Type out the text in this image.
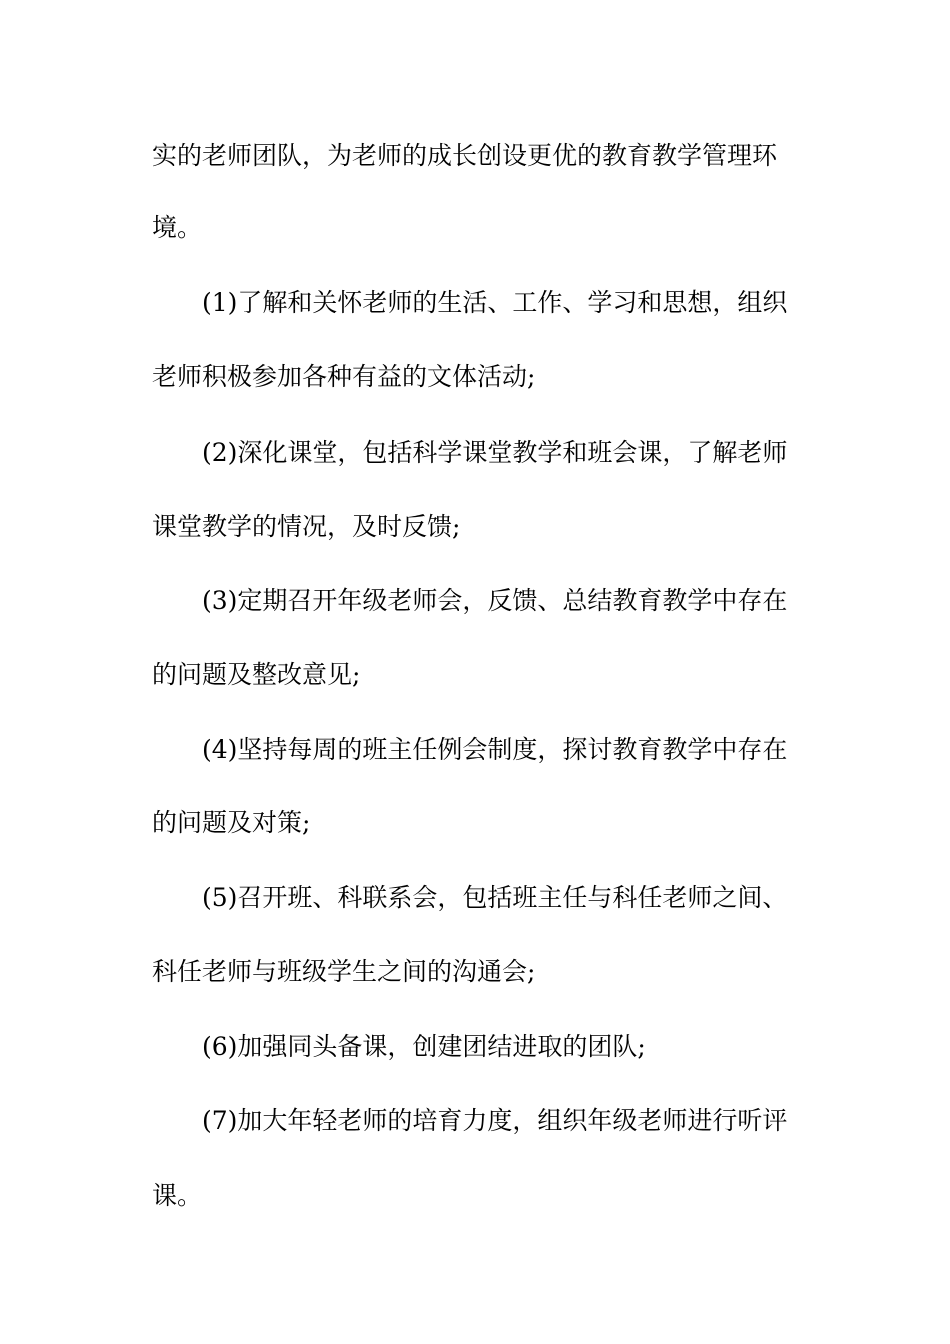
实的老师团队，为老师的成长创设更优的教育教学管理环
境。
(1)了解和关怀老师的生活、工作、学习和思想，组织
老师积极参加各种有益的文体活动;
(2)深化课堂，包括科学课堂教学和班会课，了解老师
课堂教学的情况，及时反馈;
(3)定期召开年级老师会，反馈、总结教育教学中存在
的问题及整改意见;
(4)坚持每周的班主任例会制度，探讨教育教学中存在
的问题及对策;
(5)召开班、科联系会，包括班主任与科任老师之间、
科任老师与班级学生之间的沟通会;
(6)加强同头备课，创建团结进取的团队;
(7)加大年轻老师的培育力度，组织年级老师进行听评
课。
